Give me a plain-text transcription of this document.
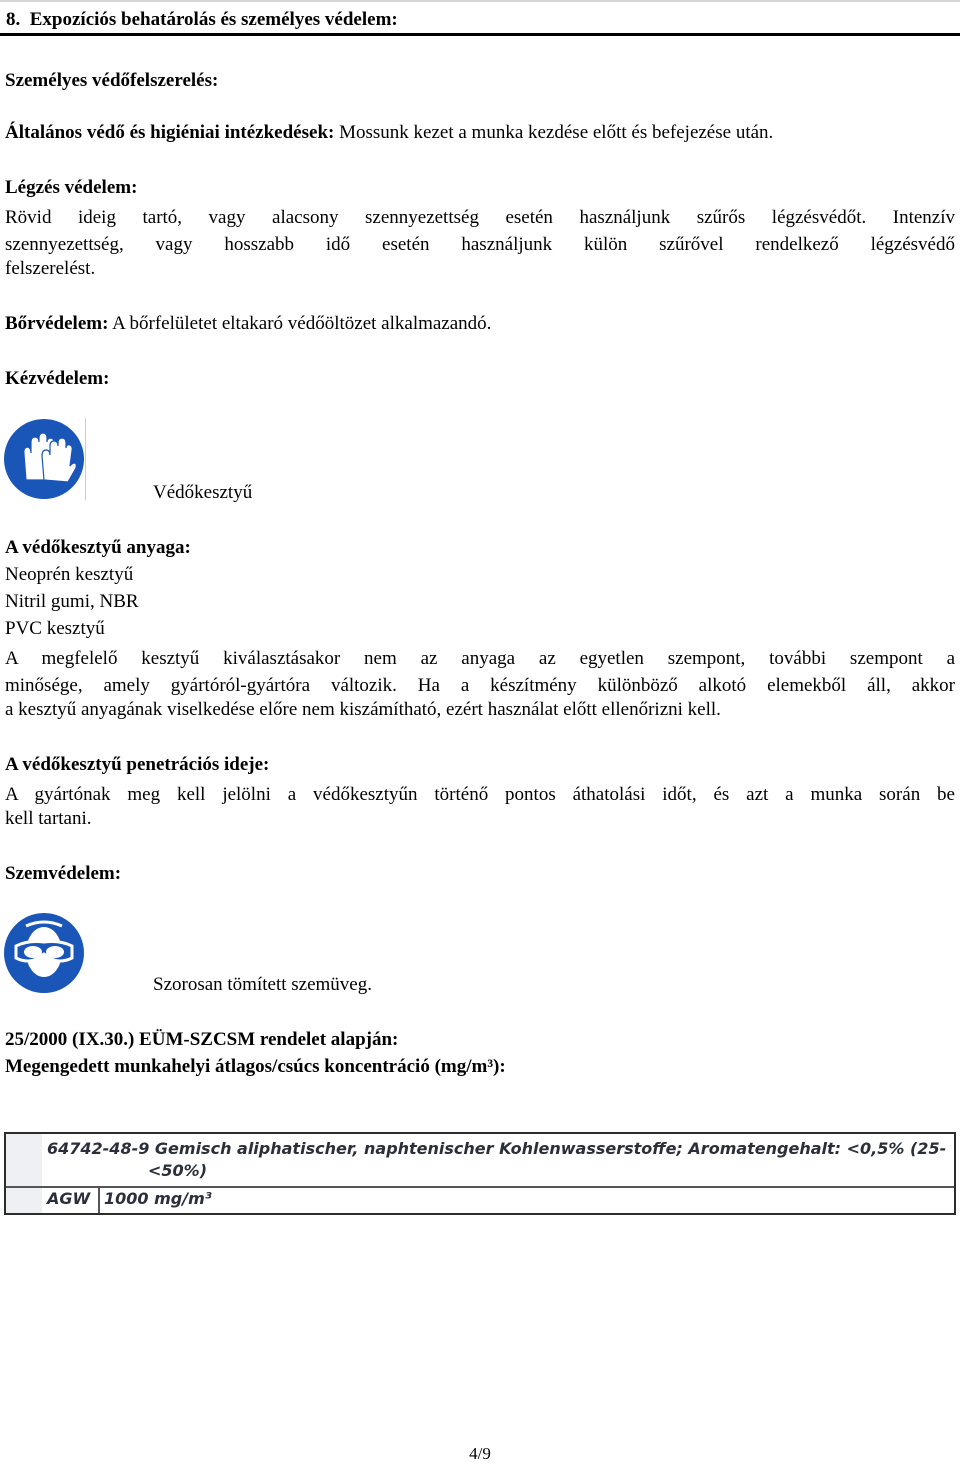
8.  Expozíciós behatárolás és személyes védelem:
Személyes védőfelszerelés:
Általános védő és higiéniai intézkedések: Mossunk kezet a munka kezdése előtt és befejezése után.
Légzés védelem:
Rövid ideig tartó, vagy alacsony szennyezettség esetén használjunk szűrős légzésvédőt. Intenzív
szennyezettség, vagy hosszabb idő esetén használjunk külön szűrővel rendelkező légzésvédő
felszerelést.
Bőrvédelem: A bőrfelületet eltakaró védőöltözet alkalmazandó.
Kézvédelem:
Védőkesztyű
A védőkesztyű anyaga:
Neoprén kesztyű
Nitril gumi, NBR
PVC kesztyű
A megfelelő kesztyű kiválasztásakor nem az anyaga az egyetlen szempont, további szempont a
minősége, amely gyártóról-gyártóra változik. Ha a készítmény különböző alkotó elemekből áll, akkor
a kesztyű anyagának viselkedése előre nem kiszámítható, ezért használat előtt ellenőrizni kell.
A védőkesztyű penetrációs ideje:
A gyártónak meg kell jelölni a védőkesztyűn történő pontos áthatolási időt, és azt a munka során be
kell tartani.
Szemvédelem:
Szorosan tömített szemüveg.
25/2000 (IX.30.) EÜM-SZCSM rendelet alapján:
Megengedett munkahelyi átlagos/csúcs koncentráció (mg/m³):
64742-48-9 Gemisch aliphatischer, naphtenischer Kohlenwasserstoffe; Aromatengehalt: <0,5% (25-
<50%)
AGW 1000 mg/m³
4/9
